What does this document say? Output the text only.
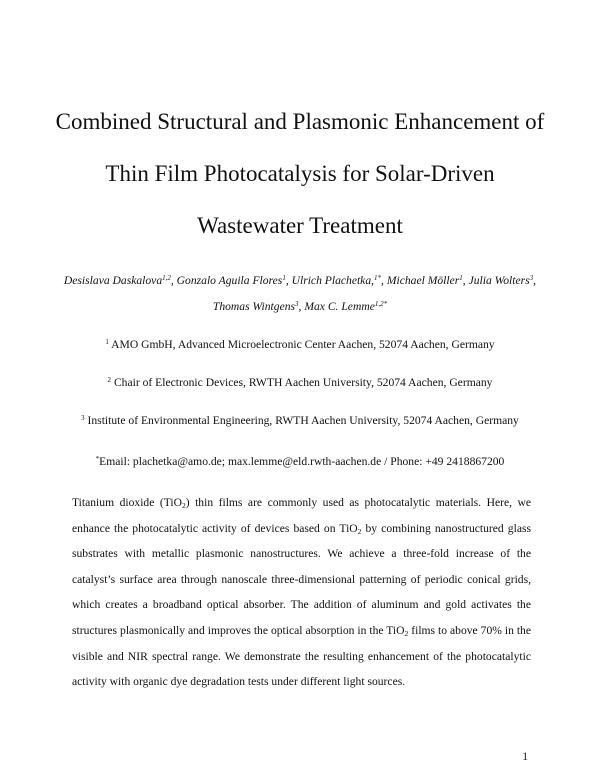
Combined Structural and Plasmonic Enhancement of
Thin Film Photocatalysis for Solar-Driven
Wastewater Treatment
Desislava Daskalova$^{1,2}$, Gonzalo Aguila Flores$^1$, Ulrich Plachetka,$^{1*}$, Michael Möller$^1$, Julia Wolters$^3$, Thomas Wintgens$^3$, Max C. Lemme$^{1,2*}$
$^1$ AMO GmbH, Advanced Microelectronic Center Aachen, 52074 Aachen, Germany
$^2$ Chair of Electronic Devices, RWTH Aachen University, 52074 Aachen, Germany
$^3$ Institute of Environmental Engineering, RWTH Aachen University, 52074 Aachen, Germany
*Email: plachetka@amo.de; max.lemme@eld.rwth-aachen.de / Phone: +49 2418867200

Titanium dioxide (TiO$_2$) thin films are commonly used as photocatalytic materials. Here, we enhance the photocatalytic activity of devices based on TiO$_2$ by combining nanostructured glass substrates with metallic plasmonic nanostructures. We achieve a three-fold increase of the catalyst’s surface area through nanoscale three-dimensional patterning of periodic conical grids, which creates a broadband optical absorber. The addition of aluminum and gold activates the structures plasmonically and improves the optical absorption in the TiO$_2$ films to above 70% in the visible and NIR spectral range. We demonstrate the resulting enhancement of the photocatalytic activity with organic dye degradation tests under different light sources.

1
